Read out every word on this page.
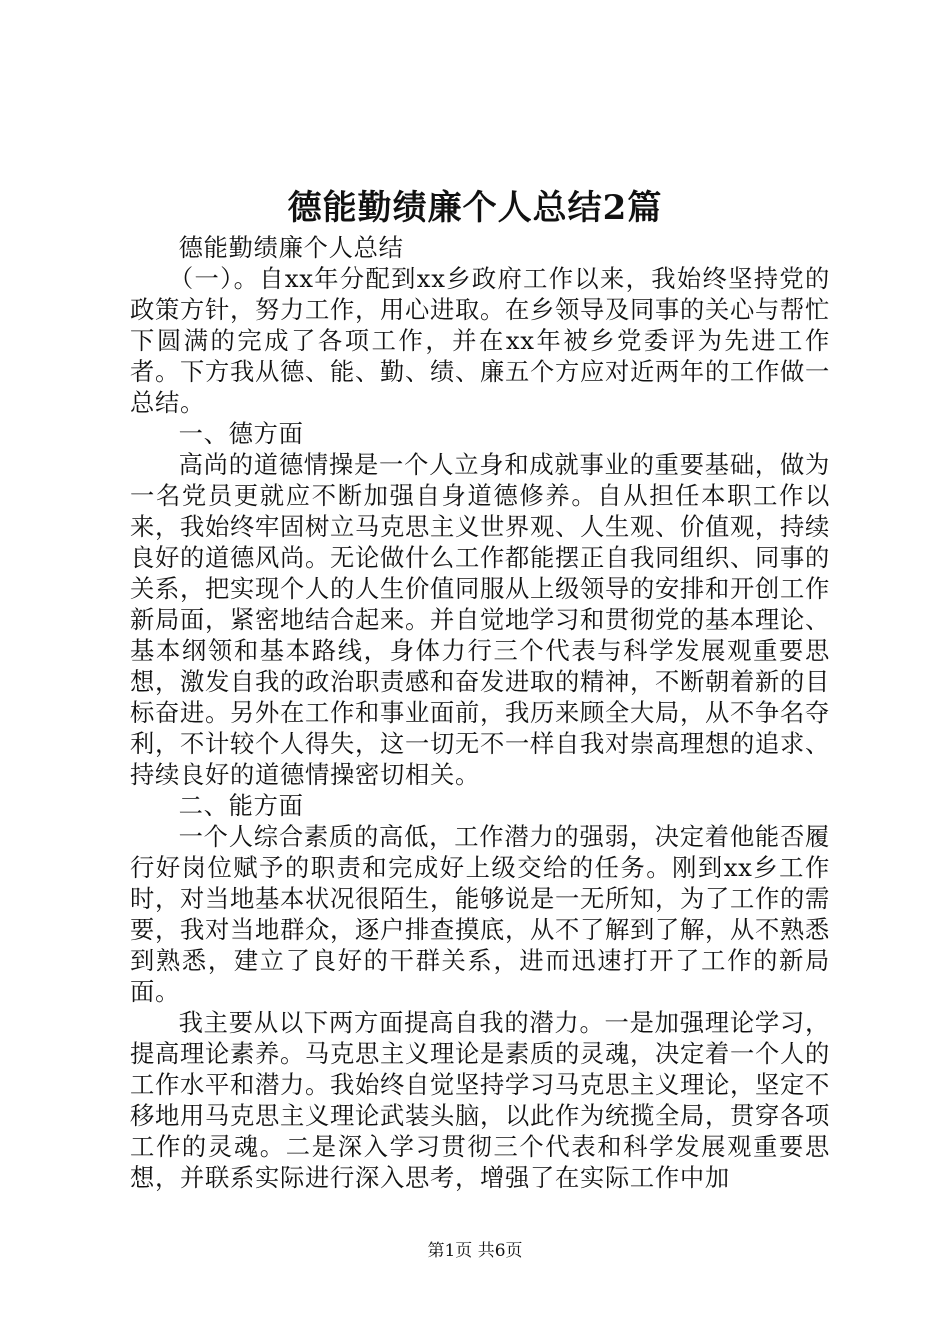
德能勤绩廉个人总结2篇

德能勤绩廉个人总结

（一）。自xx年分配到xx乡政府工作以来，我始终坚持党的政策方针，努力工作，用心进取。在乡领导及同事的关心与帮忙下圆满的完成了各项工作，并在xx年被乡党委评为先进工作者。下方我从德、能、勤、绩、廉五个方应对近两年的工作做一总结。

一、德方面

高尚的道德情操是一个人立身和成就事业的重要基础，做为一名党员更就应不断加强自身道德修养。自从担任本职工作以来，我始终牢固树立马克思主义世界观、人生观、价值观，持续良好的道德风尚。无论做什么工作都能摆正自我同组织、同事的关系，把实现个人的人生价值同服从上级领导的安排和开创工作新局面，紧密地结合起来。并自觉地学习和贯彻党的基本理论、基本纲领和基本路线，身体力行三个代表与科学发展观重要思想，激发自我的政治职责感和奋发进取的精神，不断朝着新的目标奋进。另外在工作和事业面前，我历来顾全大局，从不争名夺利，不计较个人得失，这一切无不一样自我对崇高理想的追求、持续良好的道德情操密切相关。

二、能方面

一个人综合素质的高低，工作潜力的强弱，决定着他能否履行好岗位赋予的职责和完成好上级交给的任务。刚到xx乡工作时，对当地基本状况很陌生，能够说是一无所知，为了工作的需要，我对当地群众，逐户排查摸底，从不了解到了解，从不熟悉到熟悉，建立了良好的干群关系，进而迅速打开了工作的新局面。

我主要从以下两方面提高自我的潜力。一是加强理论学习，提高理论素养。马克思主义理论是素质的灵魂，决定着一个人的工作水平和潜力。我始终自觉坚持学习马克思主义理论，坚定不移地用马克思主义理论武装头脑，以此作为统揽全局，贯穿各项工作的灵魂。二是深入学习贯彻三个代表和科学发展观重要思想，并联系实际进行深入思考，增强了在实际工作中加

第1页 共6页
